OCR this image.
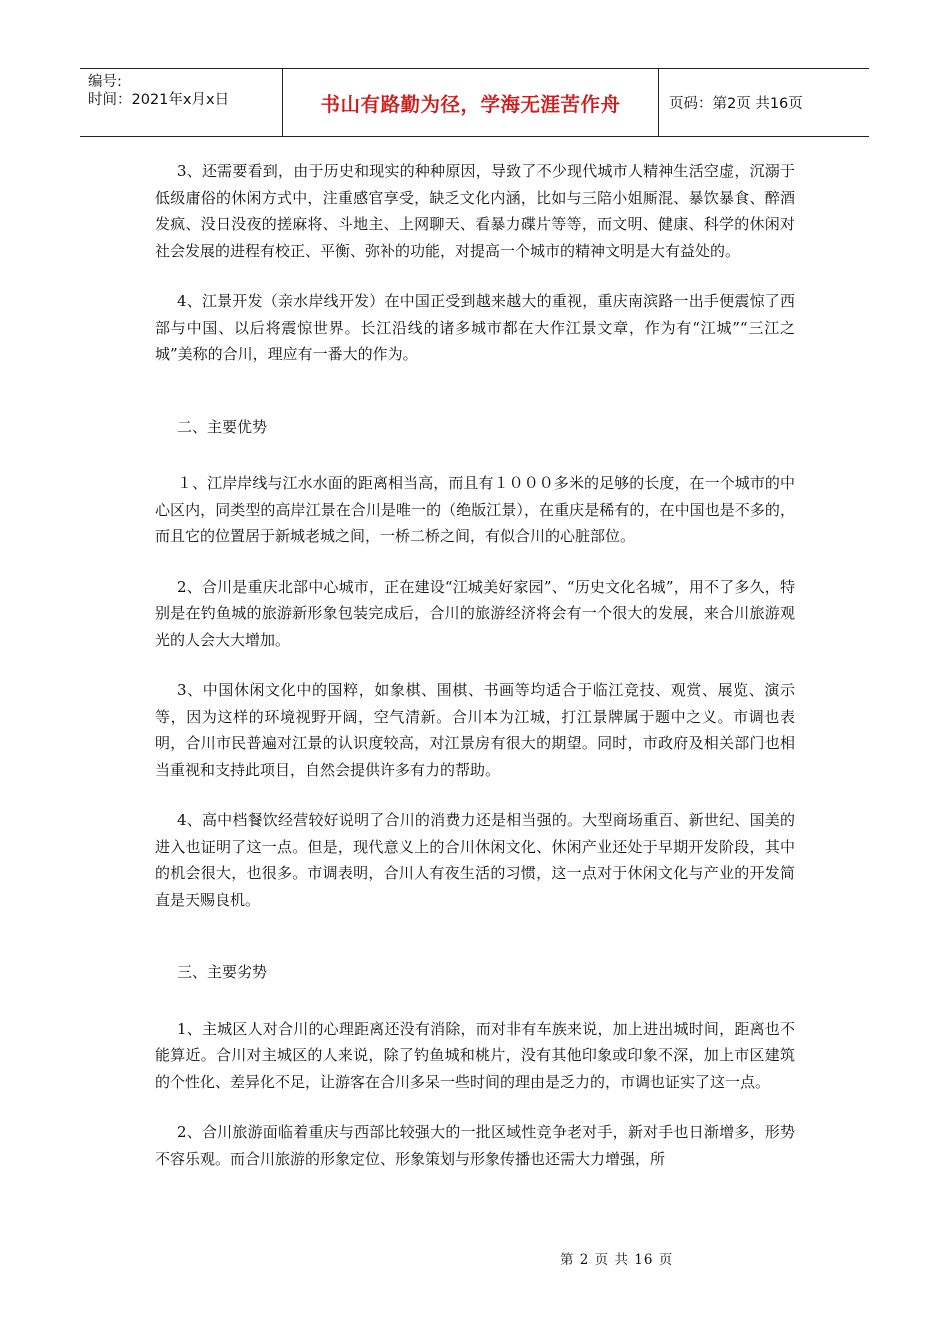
编号:
时间：2021年x月x日	书山有路勤为径，学海无涯苦作舟	页码：第2页 共16页

3、还需要看到，由于历史和现实的种种原因，导致了不少现代城市人精神生活空虚，沉溺于低级庸俗的休闲方式中，注重感官享受，缺乏文化内涵，比如与三陪小姐厮混、暴饮暴食、醉酒发疯、没日没夜的搓麻将、斗地主、上网聊天、看暴力碟片等等，而文明、健康、科学的休闲对社会发展的进程有校正、平衡、弥补的功能，对提高一个城市的精神文明是大有益处的。

4、江景开发（亲水岸线开发）在中国正受到越来越大的重视，重庆南滨路一出手便震惊了西部与中国、以后将震惊世界。长江沿线的诸多城市都在大作江景文章，作为有“江城”“三江之城”美称的合川，理应有一番大的作为。

二、主要优势

１、江岸岸线与江水水面的距离相当高，而且有１０００多米的足够的长度，在一个城市的中心区内，同类型的高岸江景在合川是唯一的（绝版江景），在重庆是稀有的，在中国也是不多的，而且它的位置居于新城老城之间，一桥二桥之间，有似合川的心脏部位。

2、合川是重庆北部中心城市，正在建设“江城美好家园”、“历史文化名城”，用不了多久，特别是在钓鱼城的旅游新形象包装完成后，合川的旅游经济将会有一个很大的发展，来合川旅游观光的人会大大增加。

3、中国休闲文化中的国粹，如象棋、围棋、书画等均适合于临江竞技、观赏、展览、演示等，因为这样的环境视野开阔，空气清新。合川本为江城，打江景牌属于题中之义。市调也表明，合川市民普遍对江景的认识度较高，对江景房有很大的期望。同时，市政府及相关部门也相当重视和支持此项目，自然会提供许多有力的帮助。

4、高中档餐饮经营较好说明了合川的消费力还是相当强的。大型商场重百、新世纪、国美的进入也证明了这一点。但是，现代意义上的合川休闲文化、休闲产业还处于早期开发阶段，其中的机会很大，也很多。市调表明，合川人有夜生活的习惯，这一点对于休闲文化与产业的开发简直是天赐良机。

三、主要劣势

1、主城区人对合川的心理距离还没有消除，而对非有车族来说，加上进出城时间，距离也不能算近。合川对主城区的人来说，除了钓鱼城和桃片，没有其他印象或印象不深，加上市区建筑的个性化、差异化不足，让游客在合川多呆一些时间的理由是乏力的，市调也证实了这一点。

2、合川旅游面临着重庆与西部比较强大的一批区域性竞争老对手，新对手也日渐增多，形势不容乐观。而合川旅游的形象定位、形象策划与形象传播也还需大力增强，所

第 2 页 共 16 页
